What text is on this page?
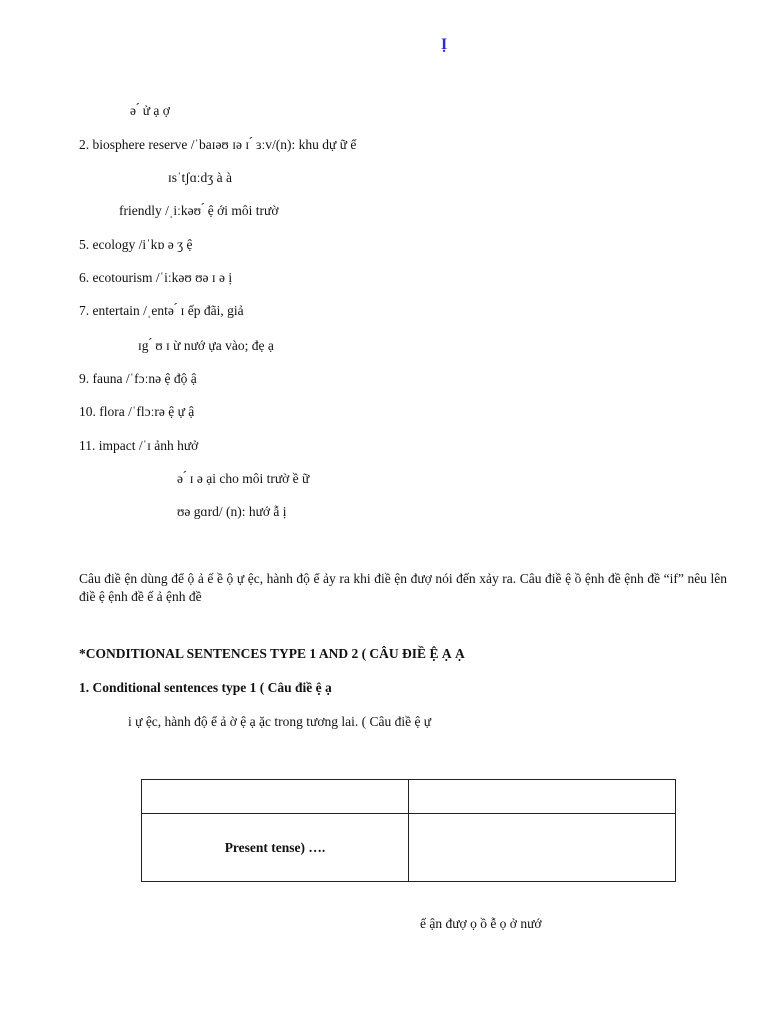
Ị
ə ́ ử ạ ợ
2. biosphere reserve /ˈbaɪəʊ ɪə ɪ ́ ɜːv/(n): khu dự ữ ể
ɪsˈtʃɑːdʒ à à
friendly /ˌiːkəʊ ́ ệ ới môi trườ
5. ecology /iˈkɒ ə ʒ ệ
6. ecotourism /ˈiːkəʊ ʊə ɪ ə ị
7. entertain /ˌentə ́ ɪ ếp đãi, giả
ɪg ́ ʊ ɪ ừ nướ ựa vào; đẹ ạ
9. fauna /ˈfɔːnə ệ độ ậ
10. flora /ˈflɔːrə ệ ự ậ
11. impact /ˈɪ ảnh hưở
ə ́ ɪ ə ại cho môi trườ ề ữ
ʊə gɑrd/ (n): hướ ẫ ị
Câu điề ện dùng để ộ ả ế ề ộ ự ệc, hành độ ể ảy ra khi điề ện đượ nói đến xảy ra. Câu điề ệ ồ ệnh đề ệnh đề “if” nêu lên điề ệ ệnh đề ế ả ệnh đề
*CONDITIONAL SENTENCES TYPE 1 AND 2 ( CÂU ĐIỀ Ệ Ạ Ạ
1. Conditional sentences type 1 ( Câu điề ệ ạ
i ự ệc, hành độ ể ả ờ ệ ạ ặc trong tương lai. ( Câu điề ệ ự

Present tense) ….	
ế ận đượ ọ ồ ễ ọ ở nướ
